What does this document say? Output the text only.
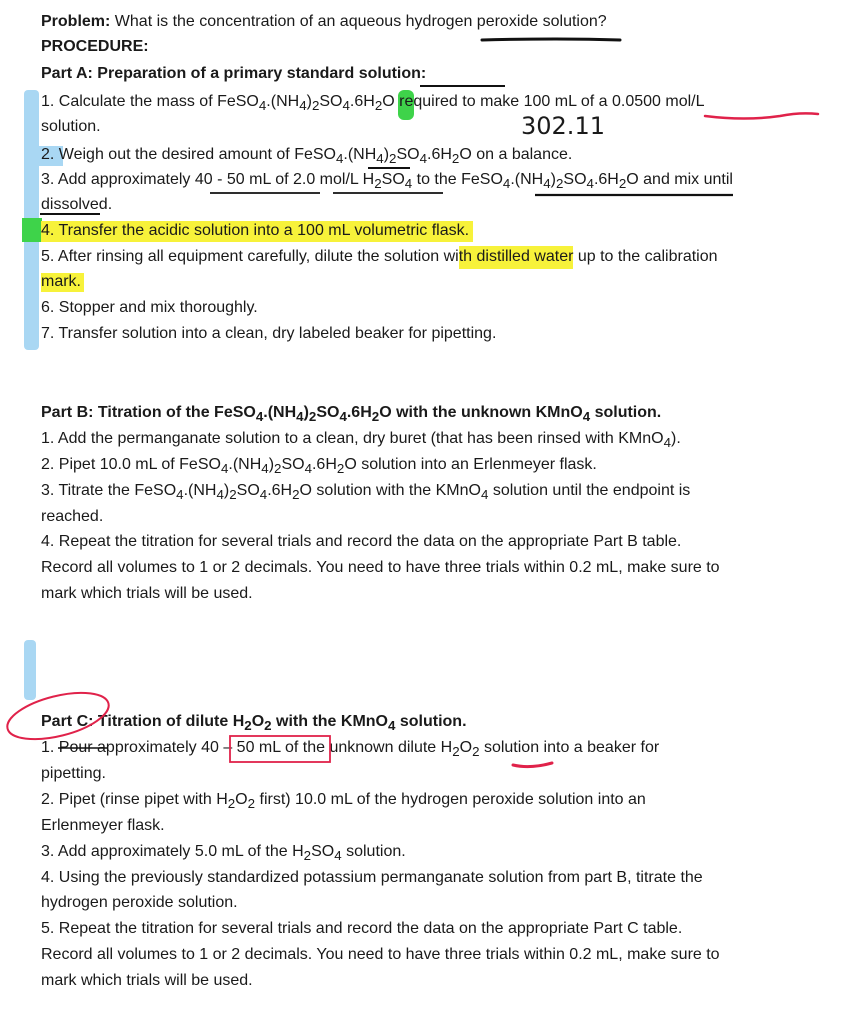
Problem: What is the concentration of an aqueous hydrogen peroxide solution?
PROCEDURE:
Part A: Preparation of a primary standard solution:
1. Calculate the mass of $FeSO_4.(NH_4)_2SO_4.6H_2O$ required to make 100 mL of a 0.0500 mol/L
solution.	302.11
2. Weigh out the desired amount of $FeSO_4.(NH_4)_2SO_4.6H_2O$ on a balance.
3. Add approximately 40 - 50 mL of 2.0 mol/L $H_2SO_4$ to the $FeSO_4.(NH_4)_2SO_4.6H_2O$ and mix until
dissolved.
4. Transfer the acidic solution into a 100 mL volumetric flask.
5. After rinsing all equipment carefully, dilute the solution with distilled water up to the calibration
mark.
6. Stopper and mix thoroughly.
7. Transfer solution into a clean, dry labeled beaker for pipetting.
Part B: Titration of the $FeSO_4.(NH_4)_2SO_4.6H_2O$ with the unknown KMnO$_4$ solution.
1. Add the permanganate solution to a clean, dry buret (that has been rinsed with KMnO$_4$).
2. Pipet 10.0 mL of $FeSO_4.(NH_4)_2SO_4.6H_2O$ solution into an Erlenmeyer flask.
3. Titrate the $FeSO_4.(NH_4)_2SO_4.6H_2O$ solution with the KMnO$_4$ solution until the endpoint is
reached.
4. Repeat the titration for several trials and record the data on the appropriate Part B table.
Record all volumes to 1 or 2 decimals. You need to have three trials within 0.2 mL, make sure to
mark which trials will be used.
Part C: Titration of dilute $H_2O_2$ with the KMnO$_4$ solution.
1. Pour approximately 40 – 50 mL of the unknown dilute $H_2O_2$ solution into a beaker for
pipetting.
2. Pipet (rinse pipet with $H_2O_2$ first) 10.0 mL of the hydrogen peroxide solution into an
Erlenmeyer flask.
3. Add approximately 5.0 mL of the $H_2SO_4$ solution.
4. Using the previously standardized potassium permanganate solution from part B, titrate the
hydrogen peroxide solution.
5. Repeat the titration for several trials and record the data on the appropriate Part C table.
Record all volumes to 1 or 2 decimals. You need to have three trials within 0.2 mL, make sure to
mark which trials will be used.
